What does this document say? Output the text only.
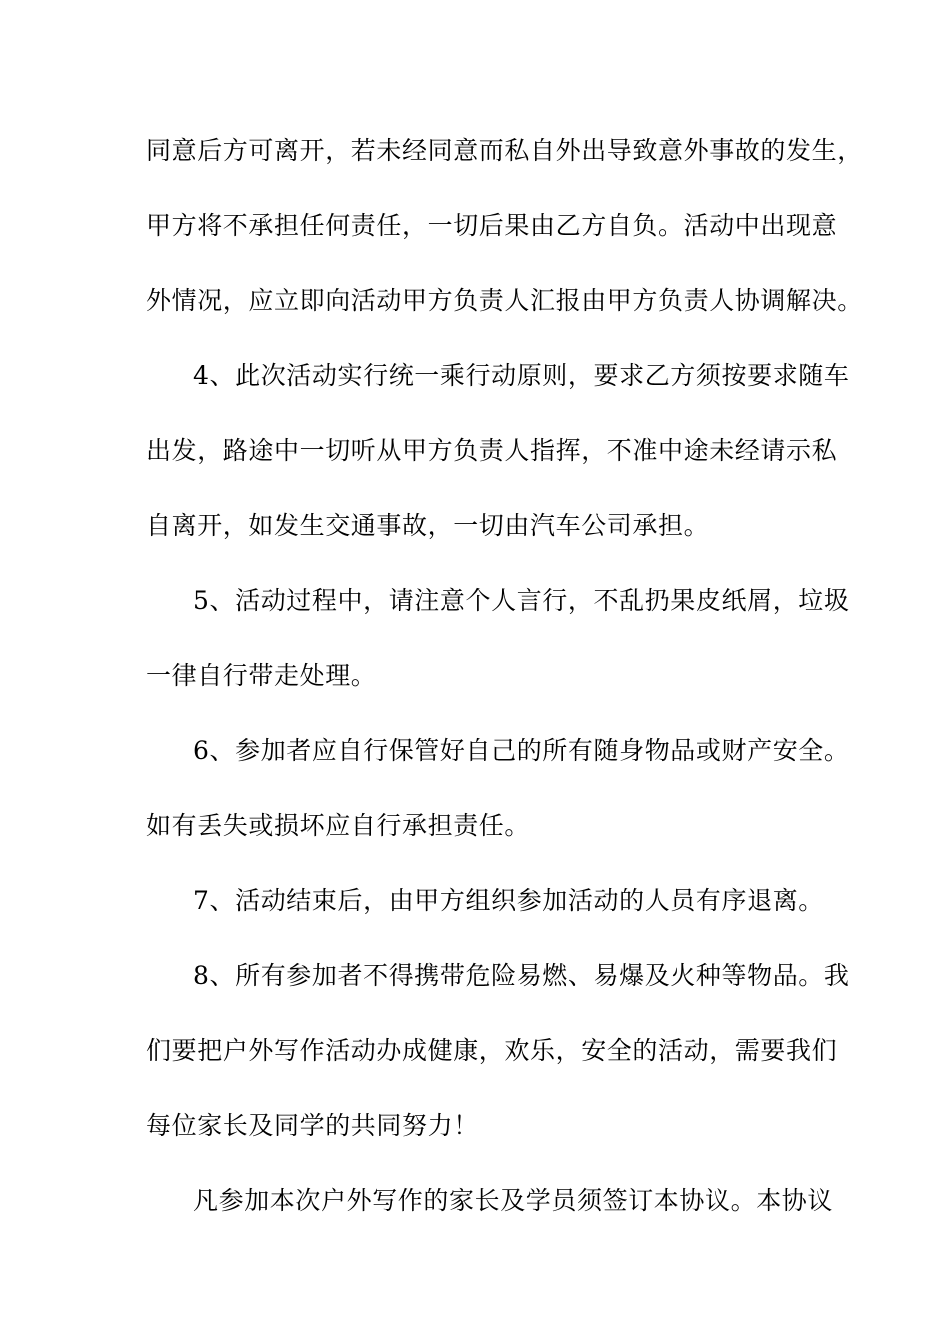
同意后方可离开，若未经同意而私自外出导致意外事故的发生，
甲方将不承担任何责任，一切后果由乙方自负。活动中出现意
外情况，应立即向活动甲方负责人汇报由甲方负责人协调解决。
4、此次活动实行统一乘行动原则，要求乙方须按要求随车
出发，路途中一切听从甲方负责人指挥，不准中途未经请示私
自离开，如发生交通事故，一切由汽车公司承担。
5、活动过程中，请注意个人言行，不乱扔果皮纸屑，垃圾
一律自行带走处理。
6、参加者应自行保管好自己的所有随身物品或财产安全。
如有丢失或损坏应自行承担责任。
7、活动结束后，由甲方组织参加活动的人员有序退离。
8、所有参加者不得携带危险易燃、易爆及火种等物品。我
们要把户外写作活动办成健康，欢乐，安全的活动，需要我们
每位家长及同学的共同努力！
凡参加本次户外写作的家长及学员须签订本协议。本协议
